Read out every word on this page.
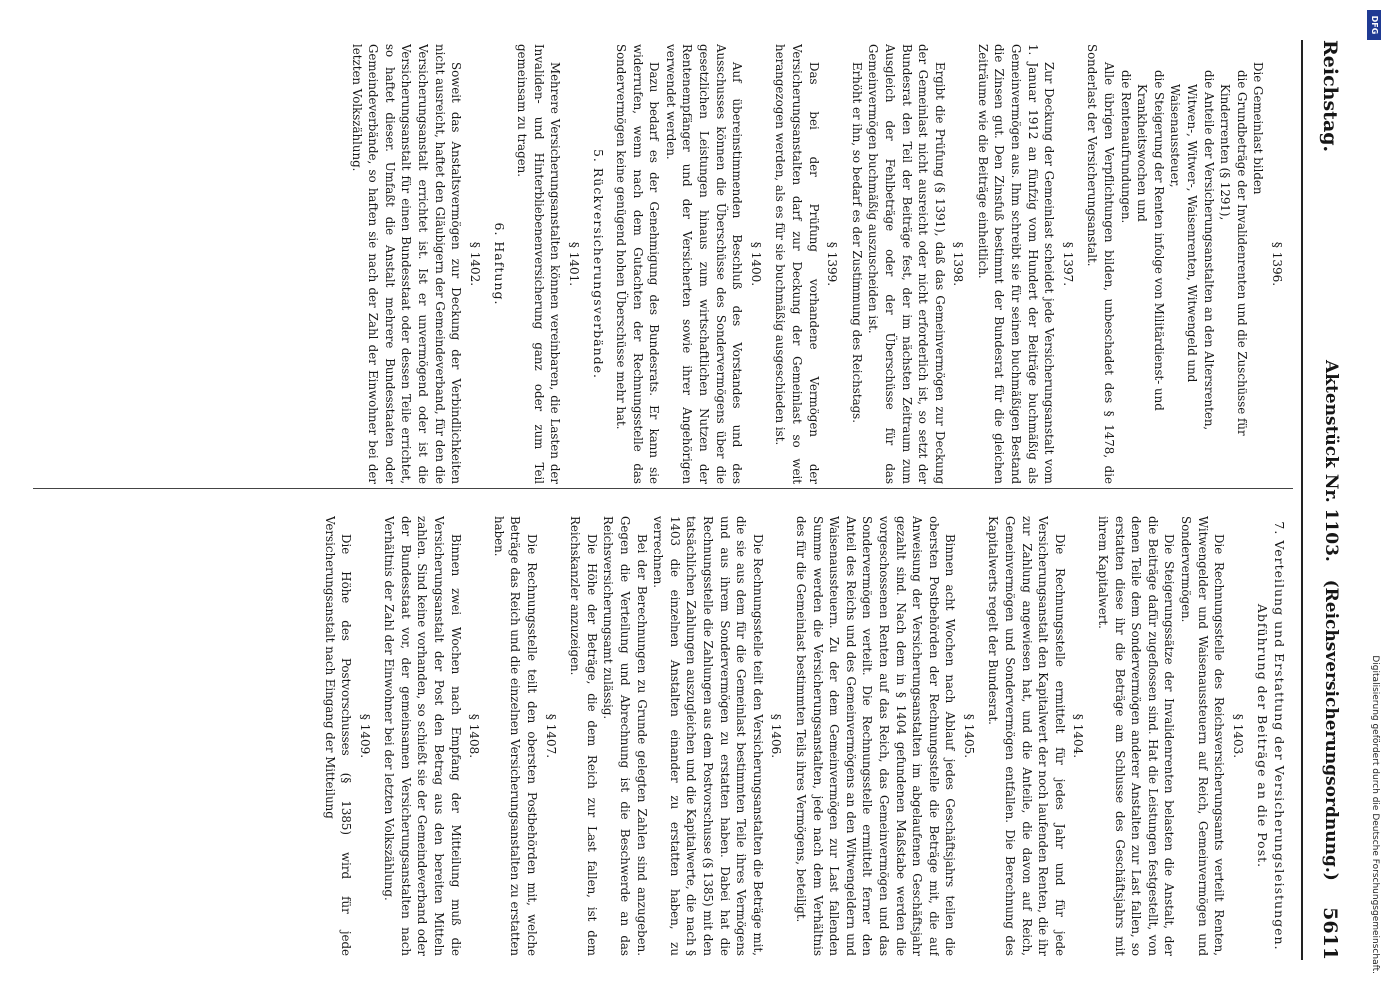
Reichstag.
Aktenstück Nr. 1103.   (Reichsversicherungsordnung.)
5611
§ 1396.

Die Gemeinlast bilden

die Grundbeträge der Invalidenrenten und die Zuschüsse für Kinderrenten (§ 1291),

die Anteile der Versicherungsanstalten an den Altersrenten, Witwen-, Witwer-, Waisenrenten, Witwengeld und Waisenaussteuer,

die Steigerung der Renten infolge von Militärdienst- und Krankheitswochen und

die Rentenaufrundungen.

Alle übrigen Verpflichtungen bilden, unbeschadet des § 1478, die Sonderlast der Versicherungsanstalt.

§ 1397.

Zur Deckung der Gemeinlast scheidet jede Versicherungsanstalt vom 1. Januar 1912 an fünfzig vom Hundert der Beiträge buchmäßig als Gemeinvermögen aus. Ihm schreibt sie für seinen buchmäßigen Bestand die Zinsen gut. Den Zinsfuß bestimmt der Bundesrat für die gleichen Zeiträume wie die Beiträge einheitlich.

§ 1398.

Ergibt die Prüfung (§ 1391), daß das Gemeinvermögen zur Deckung der Gemeinlast nicht ausreicht oder nicht erforderlich ist, so setzt der Bundesrat den Teil der Beiträge fest, der im nächsten Zeitraum zum Ausgleich der Fehlbeträge oder der Überschüsse für das Gemeinvermögen buchmäßig auszuscheiden ist.

Erhöht er ihn, so bedarf es der Zustimmung des Reichstags.

§ 1399.

Das bei der Prüfung vorhandene Vermögen der Versicherungsanstalten darf zur Deckung der Gemeinlast so weit herangezogen werden, als es für sie buchmäßig ausgeschieden ist.

§ 1400.

Auf übereinstimmenden Beschluß des Vorstandes und des Ausschusses können die Überschüsse des Sondervermögens über die gesetzlichen Leistungen hinaus zum wirtschaftlichen Nutzen der Rentenempfänger und der Versicherten sowie ihrer Angehörigen verwendet werden.

Dazu bedarf es der Genehmigung des Bundesrats. Er kann sie widerrufen, wenn nach dem Gutachten der Rechnungsstelle das Sondervermögen keine genügend hohen Überschüsse mehr hat.

5. Rückversicherungsverbände.
§ 1401.

Mehrere Versicherungsanstalten können vereinbaren, die Lasten der Invaliden- und Hinterbliebenenversicherung ganz oder zum Teil gemeinsam zu tragen.

6. Haftung.
§ 1402.

Soweit das Anstaltsvermögen zur Deckung der Verbindlichkeiten nicht ausreicht, haftet den Gläubigern der Gemeindeverband, für den die Versicherungsanstalt errichtet ist. Ist er unvermögend oder ist die Versicherungsanstalt für einen Bundesstaat oder dessen Teile errichtet, so haftet dieser. Umfaßt die Anstalt mehrere Bundesstaaten oder Gemeindeverbände, so haften sie nach der Zahl der Einwohner bei der letzten Volkszählung.

7. Verteilung und Erstattung der Versicherungsleistungen. Abführung der Beiträge an die Post.
§ 1403.

Die Rechnungsstelle des Reichsversicherungsamts verteilt Renten, Witwengelder und Waisenaussteuern auf Reich, Gemeinvermögen und Sondervermögen.

Die Steigerungssätze der Invalidenrenten belasten die Anstalt, der die Beiträge dafür zugeflossen sind. Hat die Leistungen festgestellt, von denen Teile dem Sondervermögen anderer Anstalten zur Last fallen, so erstatten diese ihr die Beträge am Schlusse des Geschäftsjahrs mit ihrem Kapitalwert.

§ 1404.

Die Rechnungsstelle ermittelt für jedes Jahr und für jede Versicherungsanstalt den Kapitalwert der noch laufenden Renten, die ihr zur Zahlung angewiesen hat, und die Anteile, die davon auf Reich, Gemeinvermögen und Sondervermögen entfallen. Die Berechnung des Kapitalwerts regelt der Bundesrat.

§ 1405.

Binnen acht Wochen nach Ablauf jedes Geschäftsjahrs teilen die obersten Postbehörden der Rechnungsstelle die Beträge mit, die auf Anweisung der Versicherungsanstalten im abgelaufenen Geschäftsjahr gezahlt sind. Nach dem in § 1404 gefundenen Maßstabe werden die vorgeschossenen Renten auf das Reich, das Gemeinvermögen und das Sondervermögen verteilt. Die Rechnungsstelle ermittelt ferner den Anteil des Reichs und des Gemeinvermögens an den Witwengeldern und Waisenaussteuern. Zu der dem Gemeinvermögen zur Last fallenden Summe werden die Versicherungsanstalten, jede nach dem Verhältnis des für die Gemeinlast bestimmten Teils ihres Vermögens, beteiligt.

§ 1406.

Die Rechnungsstelle teilt den Versicherungsanstalten die Beträge mit, die sie aus dem für die Gemeinlast bestimmten Teile ihres Vermögens und aus ihrem Sondervermögen zu erstatten haben. Dabei hat die Rechnungsstelle die Zahlungen aus dem Postvorschusse (§ 1385) mit den tatsächlichen Zahlungen auszugleichen und die Kapitalwerte, die nach § 1403 die einzelnen Anstalten einander zu erstatten haben, zu verrechnen.

Bei der Berechnungen zu Grunde gelegten Zahlen sind anzugeben. Gegen die Verteilung und Abrechnung ist die Beschwerde an das Reichsversicherungsamt zulässig.

Die Höhe der Beträge, die dem Reich zur Last fallen, ist dem Reichskanzler anzuzeigen.

§ 1407.

Die Rechnungsstelle teilt den obersten Postbehörden mit, welche Beträge das Reich und die einzelnen Versicherungsanstalten zu erstatten haben.

§ 1408.

Binnen zwei Wochen nach Empfang der Mitteilung muß die Versicherungsanstalt der Post den Betrag aus den bereiten Mitteln zahlen. Sind keine vorhanden, so schießt sie der Gemeindeverband oder der Bundesstaat vor, der gemeinsamen Versicherungsanstalten nach Verhältnis der Zahl der Einwohner bei der letzten Volkszählung.

§ 1409.

Die Höhe des Postvorschusses (§ 1385) wird für jede Versicherungsanstalt nach Eingang der Mitteilung

DFG
Digitalisierung gefördert durch die Deutsche Forschungsgemeinschaft.
